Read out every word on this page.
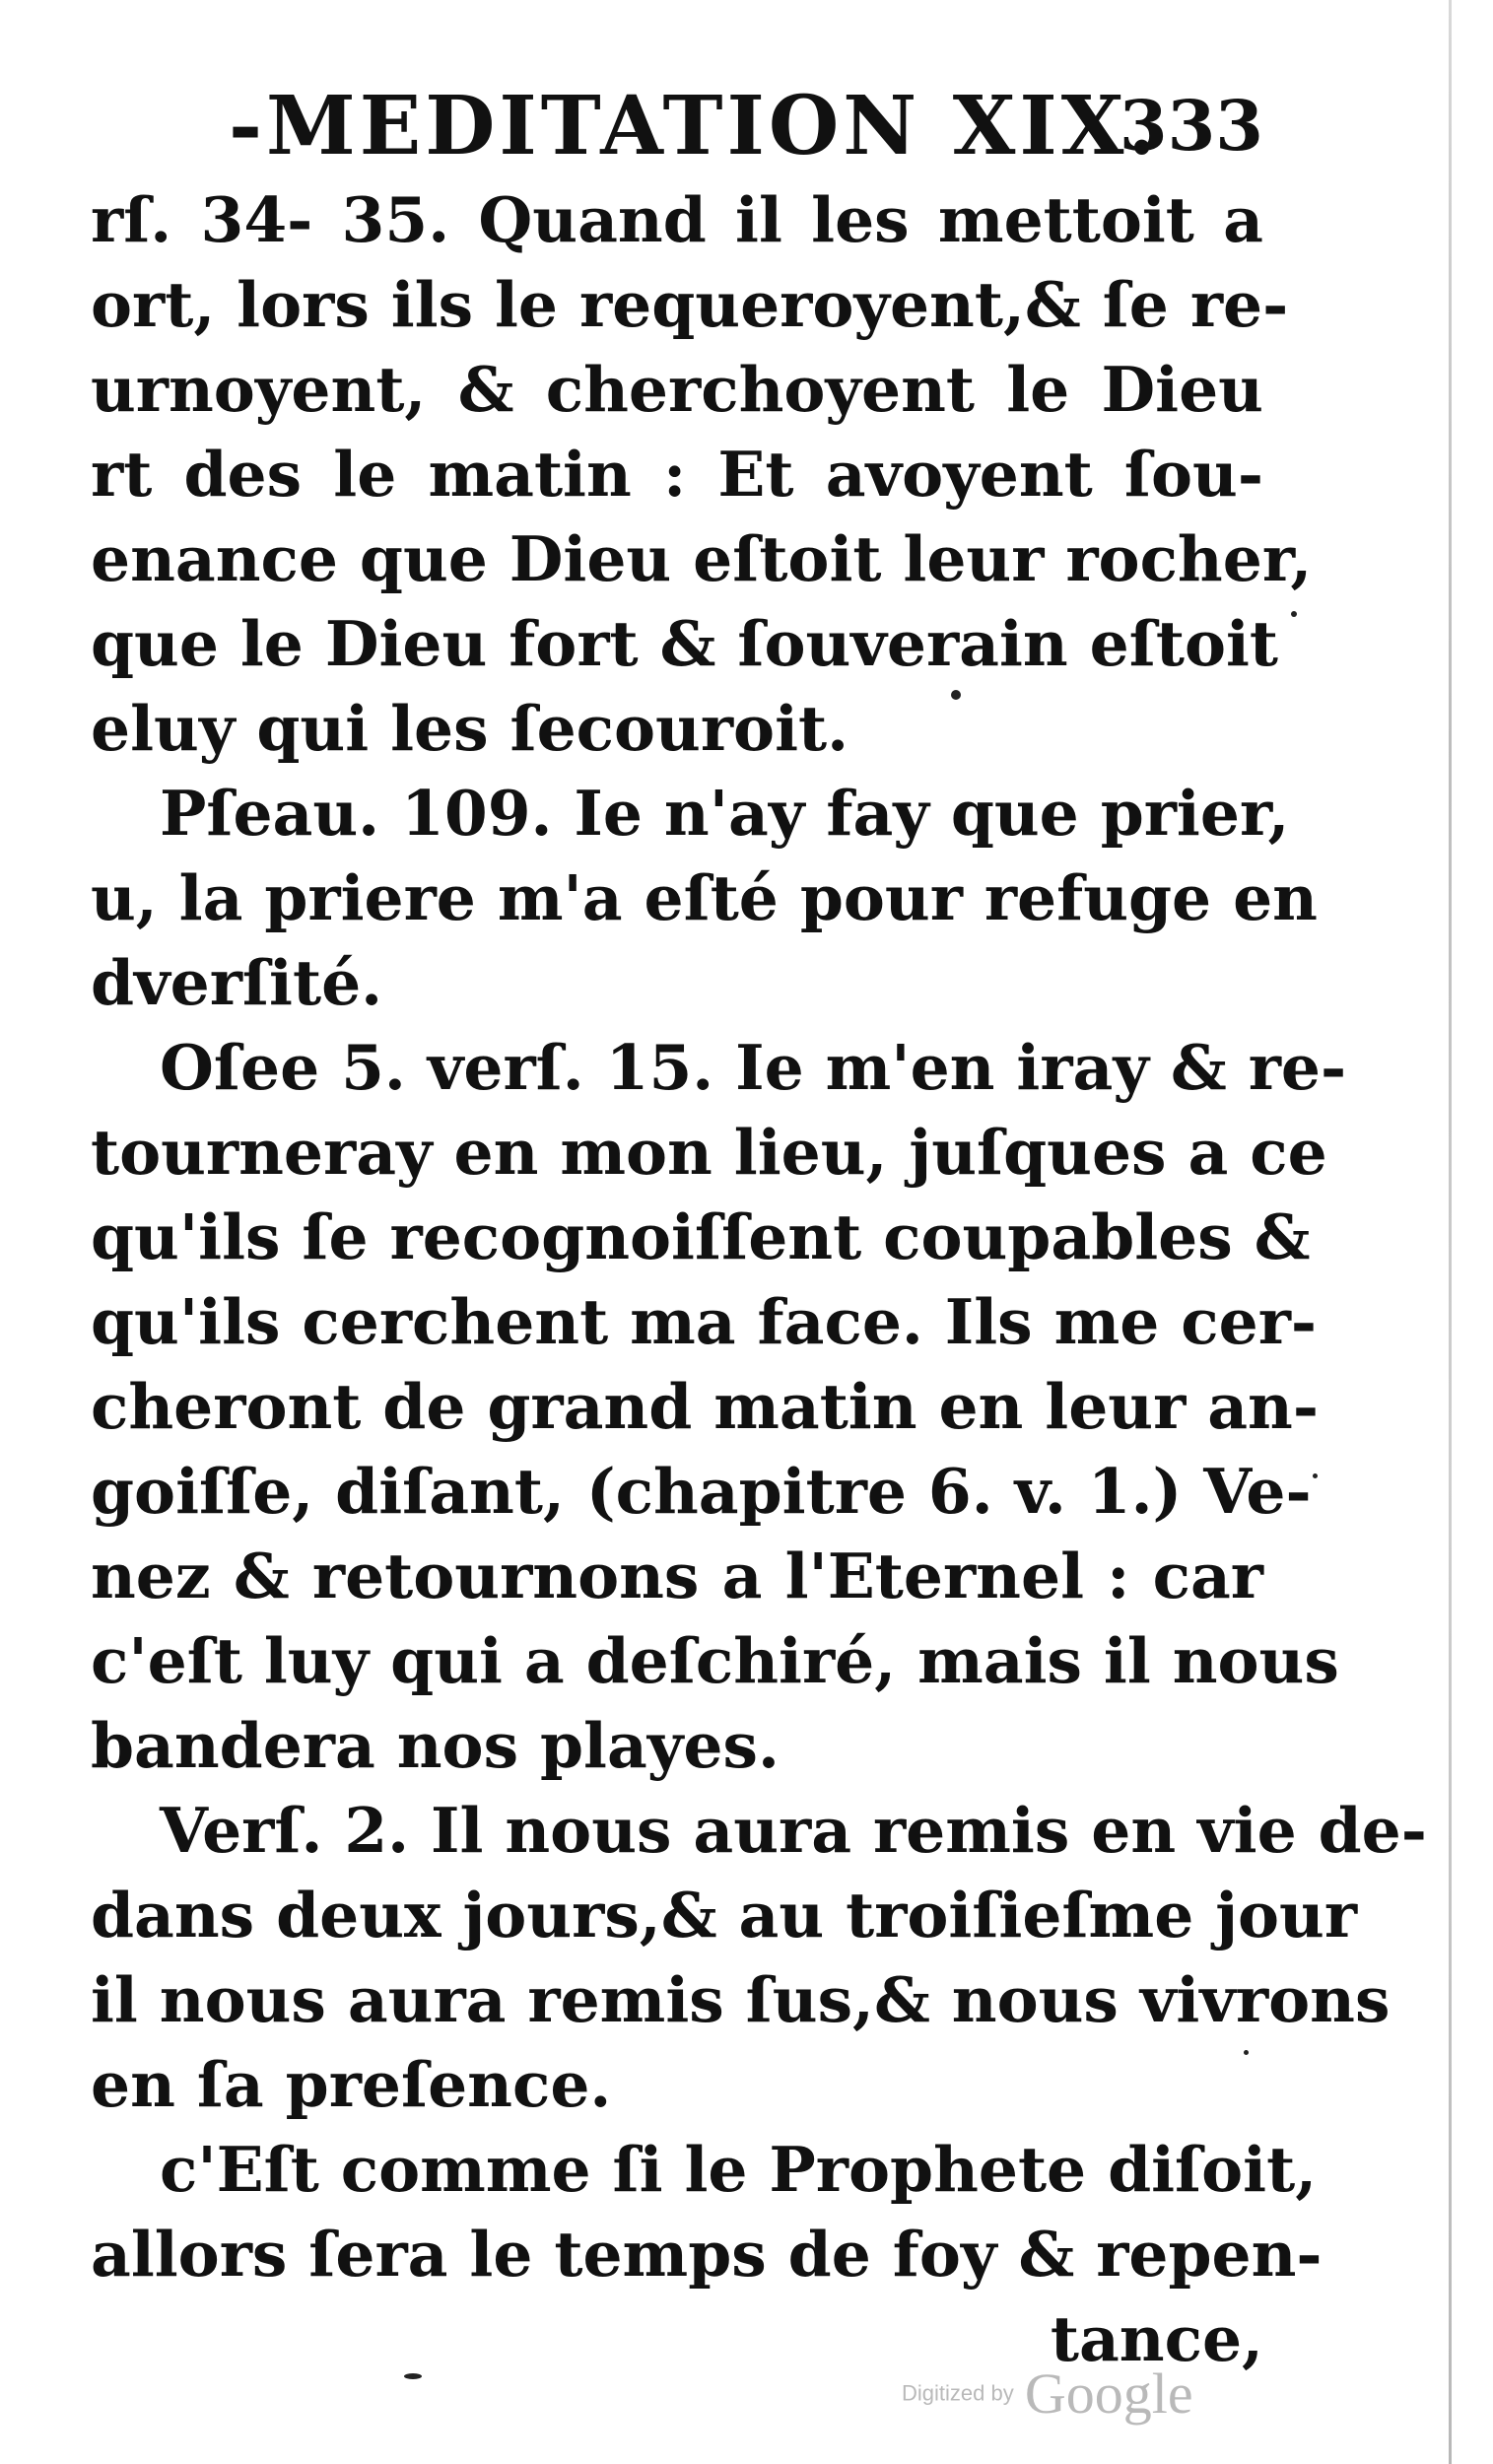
-MEDITATION XIX.
333
rſ. 34- 35. Quand il les mettoit a
ort, lors ils le requeroyent,& ſe re-
urnoyent, & cherchoyent le Dieu
rt des le matin : Et avoyent ſou-
enance que Dieu eſtoit leur rocher,
que le Dieu fort & ſouverain eſtoit
eluy qui les ſecouroit.
Pſeau. 109. Ie n'ay fay que prier,
u, la priere m'a eſté pour refuge en
dverſité.
Oſee 5. verſ. 15. Ie m'en iray & re-
tourneray en mon lieu, juſques a ce
qu'ils ſe recognoiſſent coupables &
qu'ils cerchent ma face. Ils me cer-
cheront de grand matin en leur an-
goiſſe, diſant, (chapitre 6. v. 1.) Ve-
nez & retournons a l'Eternel : car
c'eſt luy qui a deſchiré, mais il nous
bandera nos playes.
Verſ. 2. Il nous aura remis en vie de-
dans deux jours,& au troiſieſme jour
il nous aura remis ſus,& nous vivrons
en ſa preſence.
c'Eſt comme ſi le Prophete diſoit,
allors ſera le temps de foy & repen-
tance,
Digitized by Google
